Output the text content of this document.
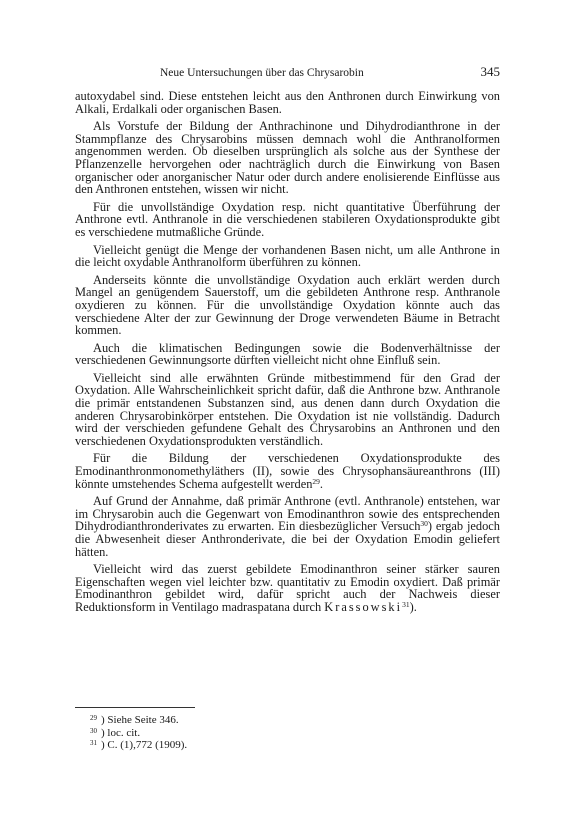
Neue Untersuchungen über das Chrysarobin	345

autoxydabel sind. Diese entstehen leicht aus den Anthronen durch Einwirkung von Alkali, Erdalkali oder organischen Basen.

Als Vorstufe der Bildung der Anthrachinone und Dihydrodianthrone in der Stammpflanze des Chrysarobins müssen demnach wohl die Anthranolformen angenommen werden. Ob dieselben ursprünglich als solche aus der Synthese der Pflanzenzelle hervorgehen oder nachträglich durch die Einwirkung von Basen organischer oder anorganischer Natur oder durch andere enolisierende Einflüsse aus den Anthronen entstehen, wissen wir nicht.

Für die unvollständige Oxydation resp. nicht quantitative Überführung der Anthrone evtl. Anthranole in die verschiedenen stabileren Oxydationsprodukte gibt es verschiedene mutmaßliche Gründe.

Vielleicht genügt die Menge der vorhandenen Basen nicht, um alle Anthrone in die leicht oxydable Anthranolform überführen zu können.

Anderseits könnte die unvollständige Oxydation auch erklärt werden durch Mangel an genügendem Sauerstoff, um die gebildeten Anthrone resp. Anthranole oxydieren zu können. Für die unvollständige Oxydation könnte auch das verschiedene Alter der zur Gewinnung der Droge verwendeten Bäume in Betracht kommen.

Auch die klimatischen Bedingungen sowie die Bodenverhältnisse der verschiedenen Gewinnungsorte dürften vielleicht nicht ohne Einfluß sein.

Vielleicht sind alle erwähnten Gründe mitbestimmend für den Grad der Oxydation. Alle Wahrscheinlichkeit spricht dafür, daß die Anthrone bzw. Anthranole die primär entstandenen Substanzen sind, aus denen dann durch Oxydation die anderen Chrysarobinkörper entstehen. Die Oxydation ist nie vollständig. Dadurch wird der verschieden gefundene Gehalt des Chrysarobins an Anthronen und den verschiedenen Oxydationsprodukten verständlich.

Für die Bildung der verschiedenen Oxydationsprodukte des Emodinanthronmonomethyläthers (II), sowie des Chrysophansäureanthrons (III) könnte umstehendes Schema aufgestellt werden$^{29}$.

Auf Grund der Annahme, daß primär Anthrone (evtl. Anthranole) entstehen, war im Chrysarobin auch die Gegenwart von Emodinanthron sowie des entsprechenden Dihydrodianthronderivates zu erwarten. Ein diesbezüglicher Versuch$^{30}$) ergab jedoch die Abwesenheit dieser Anthronderivate, die bei der Oxydation Emodin geliefert hätten.

Vielleicht wird das zuerst gebildete Emodinanthron seiner stärker sauren Eigenschaften wegen viel leichter bzw. quantitativ zu Emodin oxydiert. Daß primär Emodinanthron gebildet wird, dafür spricht auch der Nachweis dieser Reduktionsform in Ventilago madraspatana durch Krassowski$^{31}$).

$^{29}$ ) Siehe Seite 346.
$^{30}$ ) loc. cit.
$^{31}$ ) C. (1),772 (1909).
